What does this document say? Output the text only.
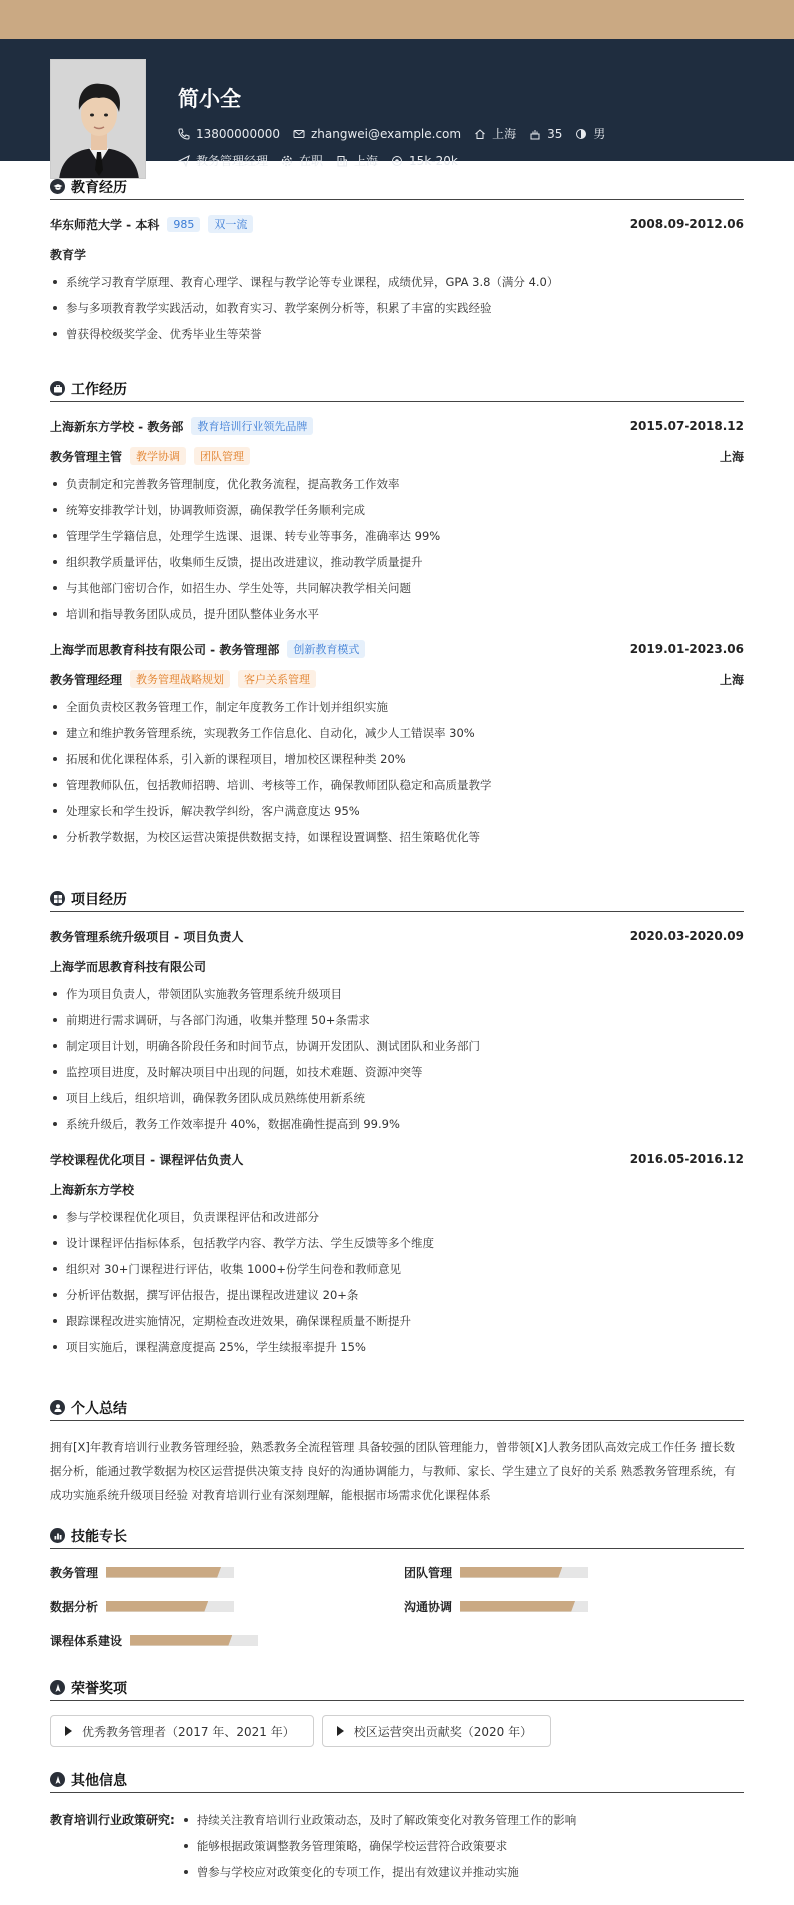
简小全
13800000000	zhangwei@example.com	上海	35	男
教务管理经理	在职	上海	15k-20k
教育经历
华东师范大学 - 本科	985	双一流	2008.09-2012.06
教育学
系统学习教育学原理、教育心理学、课程与教学论等专业课程，成绩优异，GPA 3.8（满分 4.0）
参与多项教育教学实践活动，如教育实习、教学案例分析等，积累了丰富的实践经验
曾获得校级奖学金、优秀毕业生等荣誉
工作经历
上海新东方学校 - 教务部	教育培训行业领先品牌	2015.07-2018.12
教务管理主管	教学协调	团队管理	上海
负责制定和完善教务管理制度，优化教务流程，提高教务工作效率
统筹安排教学计划，协调教师资源，确保教学任务顺利完成
管理学生学籍信息，处理学生选课、退课、转专业等事务，准确率达 99%
组织教学质量评估，收集师生反馈，提出改进建议，推动教学质量提升
与其他部门密切合作，如招生办、学生处等，共同解决教学相关问题
培训和指导教务团队成员，提升团队整体业务水平
上海学而思教育科技有限公司 - 教务管理部	创新教育模式	2019.01-2023.06
教务管理经理	教务管理战略规划	客户关系管理	上海
全面负责校区教务管理工作，制定年度教务工作计划并组织实施
建立和维护教务管理系统，实现教务工作信息化、自动化，减少人工错误率 30%
拓展和优化课程体系，引入新的课程项目，增加校区课程种类 20%
管理教师队伍，包括教师招聘、培训、考核等工作，确保教师团队稳定和高质量教学
处理家长和学生投诉，解决教学纠纷，客户满意度达 95%
分析教学数据，为校区运营决策提供数据支持，如课程设置调整、招生策略优化等
项目经历
教务管理系统升级项目 - 项目负责人	2020.03-2020.09
上海学而思教育科技有限公司
作为项目负责人，带领团队实施教务管理系统升级项目
前期进行需求调研，与各部门沟通，收集并整理 50+条需求
制定项目计划，明确各阶段任务和时间节点，协调开发团队、测试团队和业务部门
监控项目进度，及时解决项目中出现的问题，如技术难题、资源冲突等
项目上线后，组织培训，确保教务团队成员熟练使用新系统
系统升级后，教务工作效率提升 40%，数据准确性提高到 99.9%
学校课程优化项目 - 课程评估负责人	2016.05-2016.12
上海新东方学校
参与学校课程优化项目，负责课程评估和改进部分
设计课程评估指标体系，包括教学内容、教学方法、学生反馈等多个维度
组织对 30+门课程进行评估，收集 1000+份学生问卷和教师意见
分析评估数据，撰写评估报告，提出课程改进建议 20+条
跟踪课程改进实施情况，定期检查改进效果，确保课程质量不断提升
项目实施后，课程满意度提高 25%，学生续报率提升 15%
个人总结
拥有[X]年教育培训行业教务管理经验，熟悉教务全流程管理 具备较强的团队管理能力，曾带领[X]人教务团队高效完成工作任务 擅长数据分析，能通过教学数据为校区运营提供决策支持 良好的沟通协调能力，与教师、家长、学生建立了良好的关系 熟悉教务管理系统，有成功实施系统升级项目经验 对教育培训行业有深刻理解，能根据市场需求优化课程体系
技能专长
教务管理	团队管理
数据分析	沟通协调
课程体系建设
荣誉奖项
优秀教务管理者（2017 年、2021 年）	校区运营突出贡献奖（2020 年）
其他信息
教育培训行业政策研究:	持续关注教育培训行业政策动态，及时了解政策变化对教务管理工作的影响
能够根据政策调整教务管理策略，确保学校运营符合政策要求
曾参与学校应对政策变化的专项工作，提出有效建议并推动实施
